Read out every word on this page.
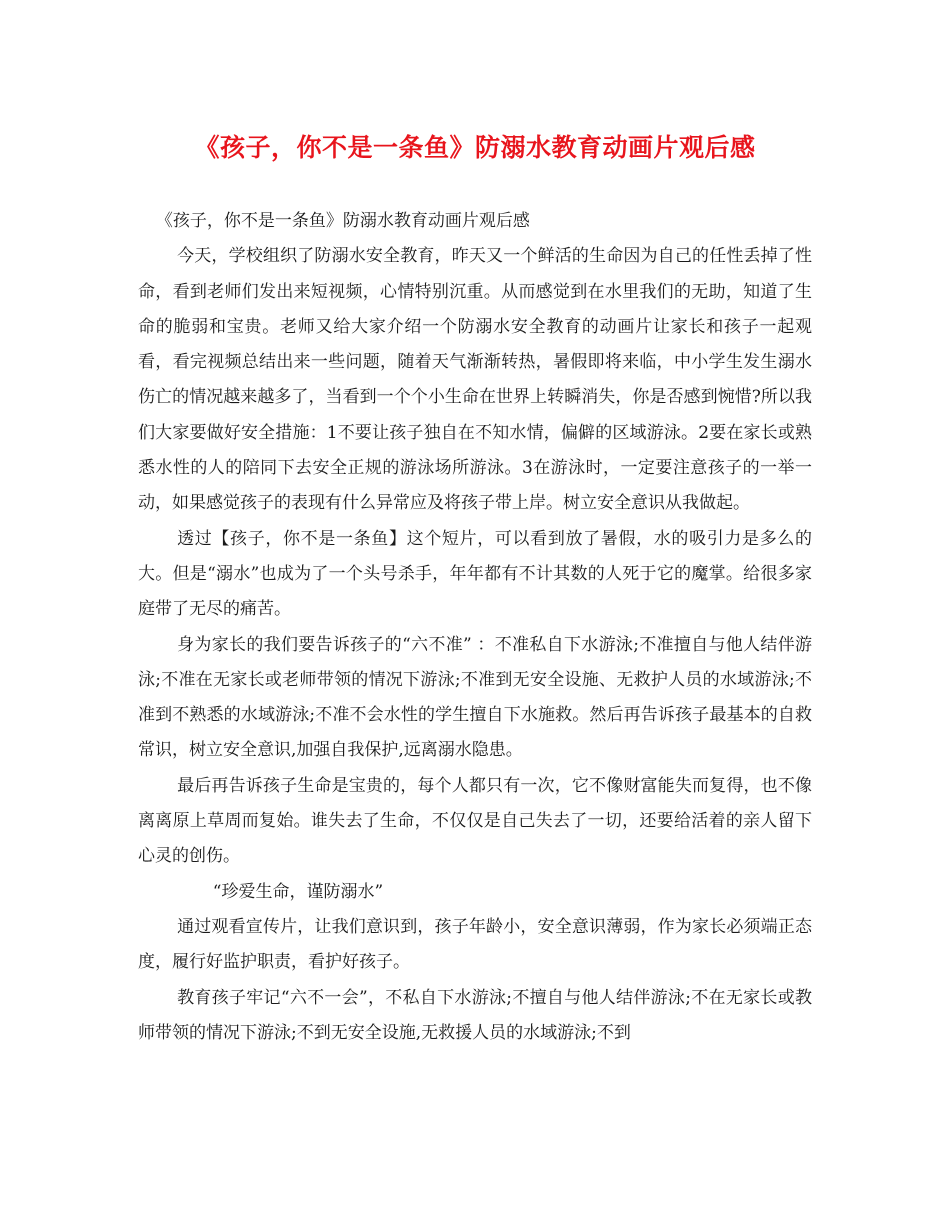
《孩子，你不是一条鱼》防溺水教育动画片观后感

《孩子，你不是一条鱼》防溺水教育动画片观后感

今天，学校组织了防溺水安全教育，昨天又一个鲜活的生命因为自己的任性丢掉了性命，看到老师们发出来短视频，心情特别沉重。从而感觉到在水里我们的无助，知道了生命的脆弱和宝贵。老师又给大家介绍一个防溺水安全教育的动画片让家长和孩子一起观看，看完视频总结出来一些问题，随着天气渐渐转热，暑假即将来临，中小学生发生溺水伤亡的情况越来越多了，当看到一个个小生命在世界上转瞬消失，你是否感到惋惜?所以我们大家要做好安全措施：1不要让孩子独自在不知水情，偏僻的区域游泳。2要在家长或熟悉水性的人的陪同下去安全正规的游泳场所游泳。3在游泳时，一定要注意孩子的一举一动，如果感觉孩子的表现有什么异常应及将孩子带上岸。树立安全意识从我做起。

透过【孩子，你不是一条鱼】这个短片，可以看到放了暑假，水的吸引力是多么的大。但是“溺水”也成为了一个头号杀手，年年都有不计其数的人死于它的魔掌。给很多家庭带了无尽的痛苦。

身为家长的我们要告诉孩子的“六不准” ：不准私自下水游泳;不准擅自与他人结伴游泳;不准在无家长或老师带领的情况下游泳;不准到无安全设施、无救护人员的水域游泳;不准到不熟悉的水域游泳;不准不会水性的学生擅自下水施救。然后再告诉孩子最基本的自救常识，树立安全意识,加强自我保护,远离溺水隐患。

最后再告诉孩子生命是宝贵的，每个人都只有一次，它不像财富能失而复得，也不像离离原上草周而复始。谁失去了生命，不仅仅是自己失去了一切，还要给活着的亲人留下心灵的创伤。

“珍爱生命，谨防溺水”

通过观看宣传片，让我们意识到，孩子年龄小，安全意识薄弱，作为家长必须端正态度，履行好监护职责，看护好孩子。

教育孩子牢记“六不一会”，不私自下水游泳;不擅自与他人结伴游泳;不在无家长或教师带领的情况下游泳;不到无安全设施,无救援人员的水域游泳;不到
